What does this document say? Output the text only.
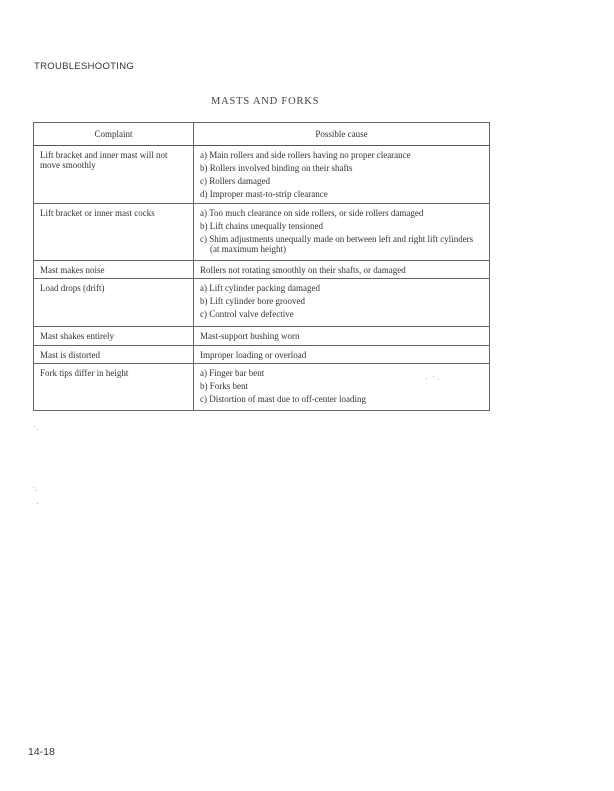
TROUBLESHOOTING
MASTS AND FORKS
Complaint	Possible cause
Lift bracket and inner mast will not move smoothly	a) Main rollers and side rollers having no proper clearance
b) Rollers involved binding on their shafts
c) Rollers damaged
d) Improper mast-to-strip clearance

Lift bracket or inner mast cocks	a) Too much clearance on side rollers, or side rollers damaged
b) Lift chains unequally tensioned
c) Shim adjustments unequally made on between left and right lift cylinders (at maximum height)

Mast makes noise	Rollers not rotating smoothly on their shafts, or damaged

Load drops (drift)	a) Lift cylinder packing damaged
b) Lift cylinder bore grooved
c) Control valve defective

Mast shakes entirely	Mast-support bushing worn

Mast is distorted	Improper loading or overload

Fork tips differ in height	a) Finger bar bent
b) Forks bent
c) Distortion of mast due to off-center loading
14-18
